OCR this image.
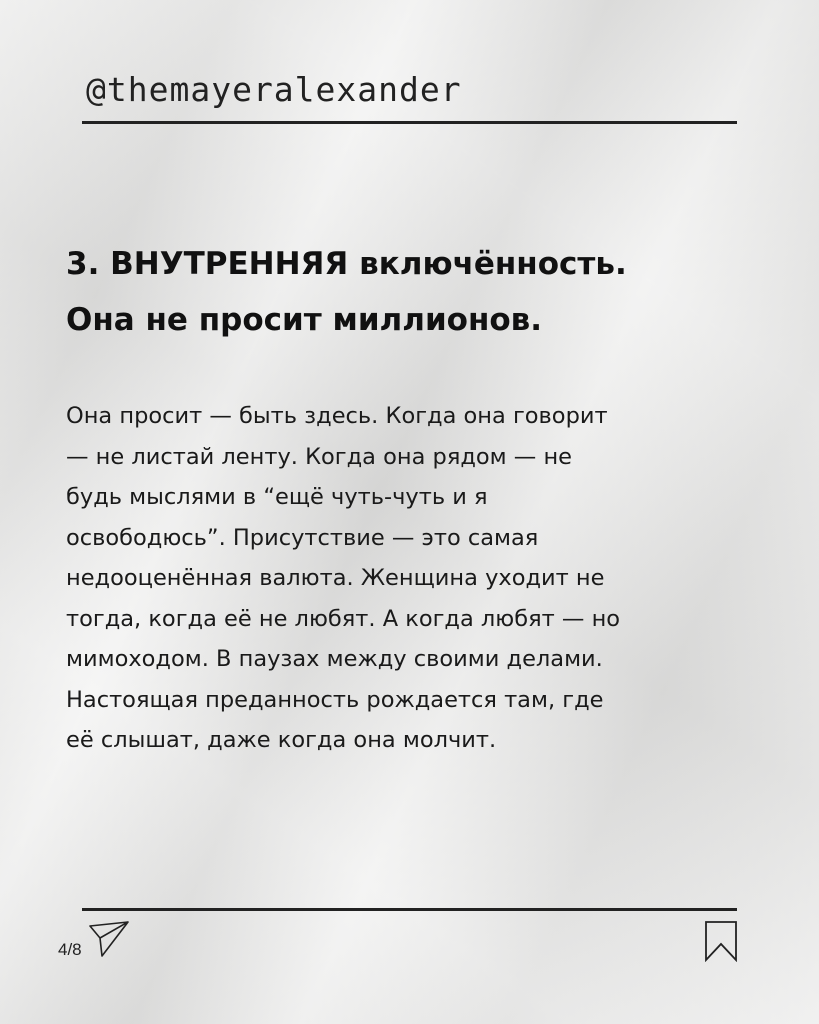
@themayeralexander
3. ВНУТРЕННЯЯ включённость.
Она не просит миллионов.
Она просит — быть здесь. Когда она говорит
— не листай ленту. Когда она рядом — не
будь мыслями в “ещё чуть-чуть и я
освободюсь”. Присутствие — это самая
недооценённая валюта. Женщина уходит не
тогда, когда её не любят. А когда любят — но
мимоходом. В паузах между своими делами.
Настоящая преданность рождается там, где
её слышат, даже когда она молчит.
4/8
